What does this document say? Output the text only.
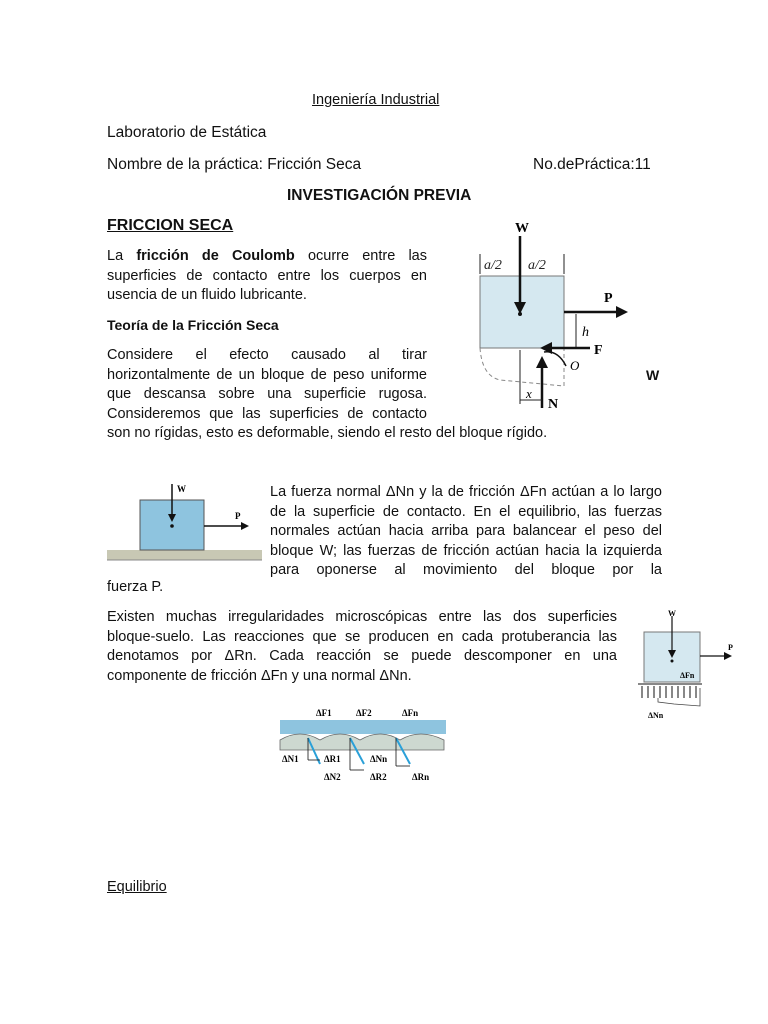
Ingeniería Industrial
Laboratorio de Estática
Nombre de la práctica: Fricción Seca	No.dePráctica:11
INVESTIGACIÓN PREVIA
FRICCION SECA
La fricción de Coulomb ocurre entre las superficies de contacto entre los cuerpos en usencia de un fluido lubricante.
Teoría de la Fricción Seca
Considere el efecto causado al tirar horizontalmente de un bloque de peso uniforme que descansa sobre una superficie rugosa. Consideremos que las superficies de contacto
son no rígidas, esto es deformable, siendo el resto del bloque rígido.
a/2 a/2
W
P
h
F
O
N
x
W
W
P
La fuerza normal ΔNn y la de fricción ΔFn actúan a lo largo de la superficie de contacto. En el equilibrio, las fuerzas normales actúan hacia arriba para balancear el peso del bloque W; las fuerzas de fricción actúan hacia la izquierda para oponerse al movimiento del bloque por la
fuerza P.
Existen muchas irregularidades microscópicas entre las dos superficies bloque-suelo. Las reacciones que se producen en cada protuberancia las denotamos por ΔRn. Cada reacción se puede descomponer en una componente de fricción ΔFn y una normal ΔNn.
W
P
ΔFn
ΔNn
ΔF1	ΔF2	ΔFn
ΔN1	ΔR1
ΔN2	ΔR2
ΔNn
ΔRn
Equilibrio
